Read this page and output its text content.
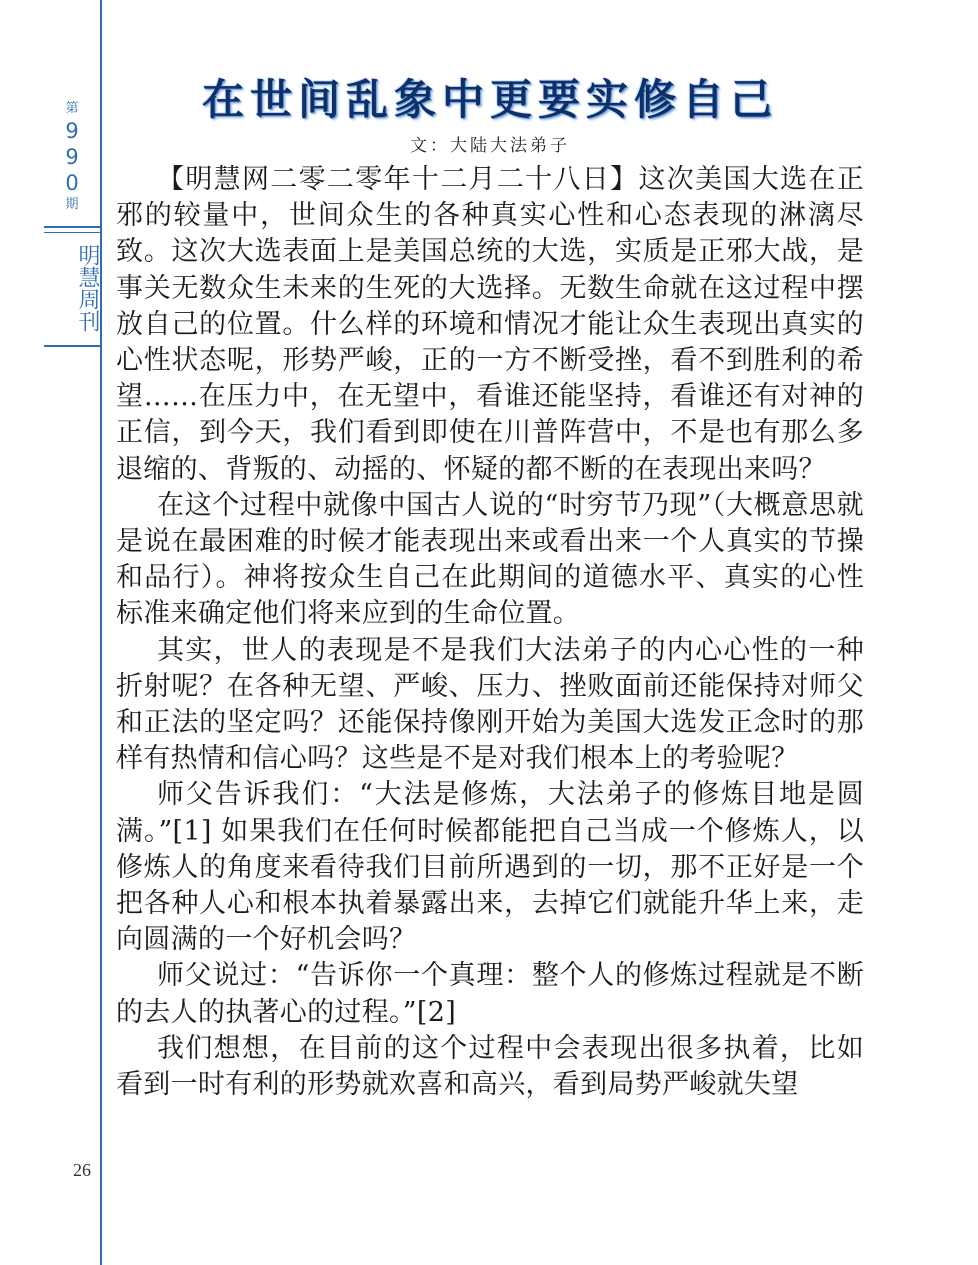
第
9
9
0
期
明慧周刊
26
在世间乱象中更要实修自己
文：大陆大法弟子

【明慧网二零二零年十二月二十八日】这次美国大选在正邪的较量中，世间众生的各种真实心性和心态表现的淋漓尽致。这次大选表面上是美国总统的大选，实质是正邪大战，是事关无数众生未来的生死的大选择。无数生命就在这过程中摆放自己的位置。什么样的环境和情况才能让众生表现出真实的心性状态呢，形势严峻，正的一方不断受挫，看不到胜利的希望……在压力中，在无望中，看谁还能坚持，看谁还有对神的正信，到今天，我们看到即使在川普阵营中，不是也有那么多退缩的、背叛的、动摇的、怀疑的都不断的在表现出来吗？

在这个过程中就像中国古人说的“时穷节乃现”（大概意思就是说在最困难的时候才能表现出来或看出来一个人真实的节操和品行）。神将按众生自己在此期间的道德水平、真实的心性标准来确定他们将来应到的生命位置。

其实，世人的表现是不是我们大法弟子的内心心性的一种折射呢？在各种无望、严峻、压力、挫败面前还能保持对师父和正法的坚定吗？还能保持像刚开始为美国大选发正念时的那样有热情和信心吗？这些是不是对我们根本上的考验呢？

师父告诉我们：“大法是修炼，大法弟子的修炼目地是圆满。”[1] 如果我们在任何时候都能把自己当成一个修炼人，以修炼人的角度来看待我们目前所遇到的一切，那不正好是一个把各种人心和根本执着暴露出来，去掉它们就能升华上来，走向圆满的一个好机会吗？

师父说过：“告诉你一个真理：整个人的修炼过程就是不断的去人的执著心的过程。”[2]

我们想想，在目前的这个过程中会表现出很多执着，比如看到一时有利的形势就欢喜和高兴，看到局势严峻就失望
